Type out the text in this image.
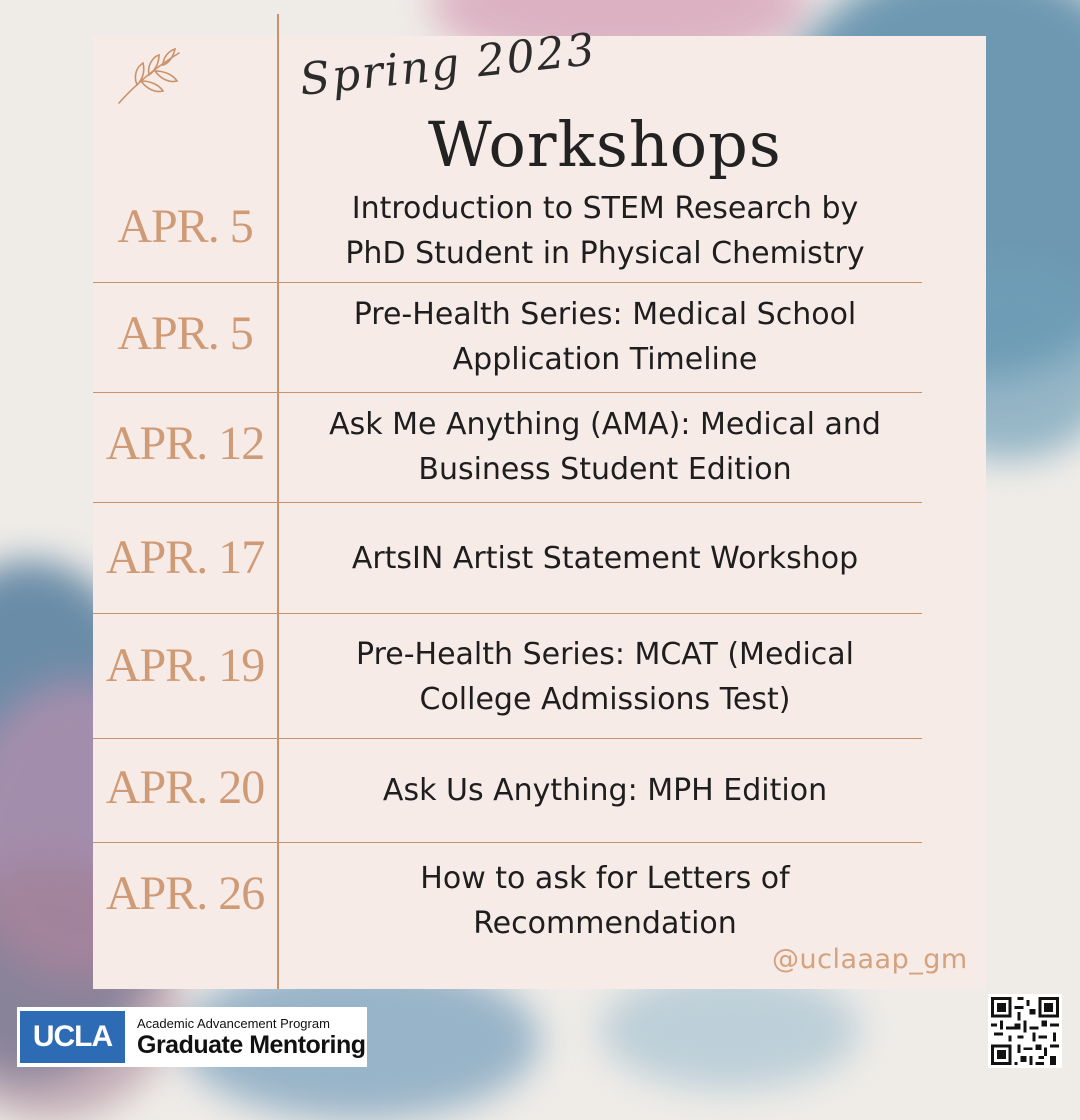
Spring 2023
Workshops
APR. 5	Introduction to STEM Research by
PhD Student in Physical Chemistry
APR. 5	Pre-Health Series: Medical School
Application Timeline
APR. 12	Ask Me Anything (AMA): Medical and
Business Student Edition
APR. 17	ArtsIN Artist Statement Workshop
APR. 19	Pre-Health Series: MCAT (Medical
College Admissions Test)
APR. 20	Ask Us Anything: MPH Edition
APR. 26	How to ask for Letters of
Recommendation
@uclaaap_gm
UCLA	Academic Advancement Program
Graduate Mentoring
